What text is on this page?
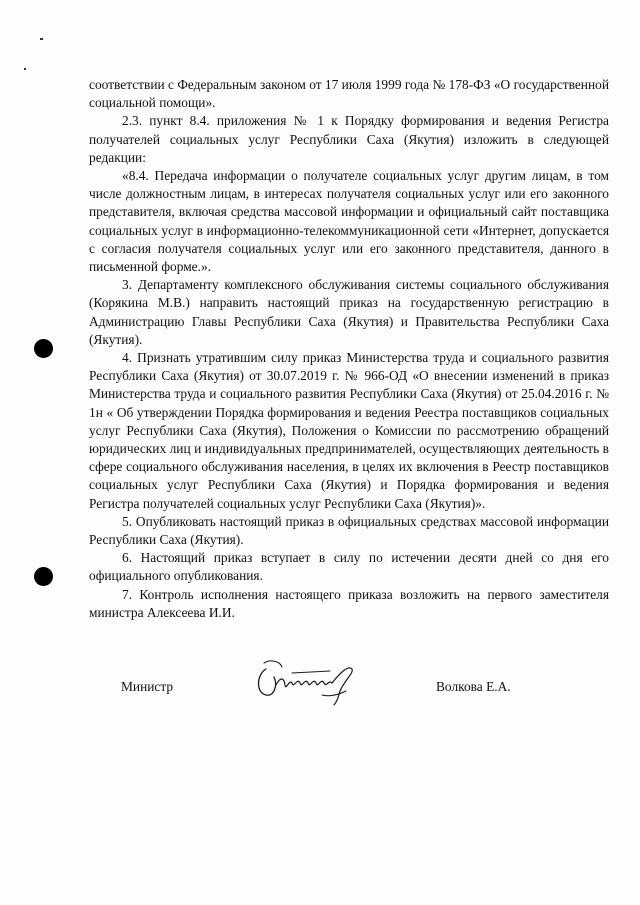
соответствии с Федеральным законом от 17 июля 1999 года № 178-ФЗ «О государственной социальной помощи».

2.3. пункт 8.4. приложения № 1 к Порядку формирования и ведения Регистра получателей социальных услуг Республики Саха (Якутия) изложить в следующей редакции:

«8.4. Передача информации о получателе социальных услуг другим лицам, в том числе должностным лицам, в интересах получателя социальных услуг или его законного представителя, включая средства массовой информации и официальный сайт поставщика социальных услуг в информационно-телекоммуникационной сети «Интернет, допускается с согласия получателя социальных услуг или его законного представителя, данного в письменной форме.».

3. Департаменту комплексного обслуживания системы социального обслуживания (Корякина М.В.) направить настоящий приказ на государственную регистрацию в Администрацию Главы Республики Саха (Якутия) и Правительства Республики Саха (Якутия).

4. Признать утратившим силу приказ Министерства труда и социального развития Республики Саха (Якутия) от 30.07.2019 г. № 966-ОД «О внесении изменений в приказ Министерства труда и социального развития Республики Саха (Якутия) от 25.04.2016 г. № 1н « Об утверждении Порядка формирования и ведения Реестра поставщиков социальных услуг Республики Саха (Якутия), Положения о Комиссии по рассмотрению обращений юридических лиц и индивидуальных предпринимателей, осуществляющих деятельность в сфере социального обслуживания населения, в целях их включения в Реестр поставщиков социальных услуг Республики Саха (Якутия) и Порядка формирования и ведения Регистра получателей социальных услуг Республики Саха (Якутия)».

5. Опубликовать настоящий приказ в официальных средствах массовой информации Республики Саха (Якутия).

6. Настоящий приказ вступает в силу по истечении десяти дней со дня его официального опубликования.

7. Контроль исполнения настоящего приказа возложить на первого заместителя министра Алексеева И.И.

Министр	Волкова Е.А.
